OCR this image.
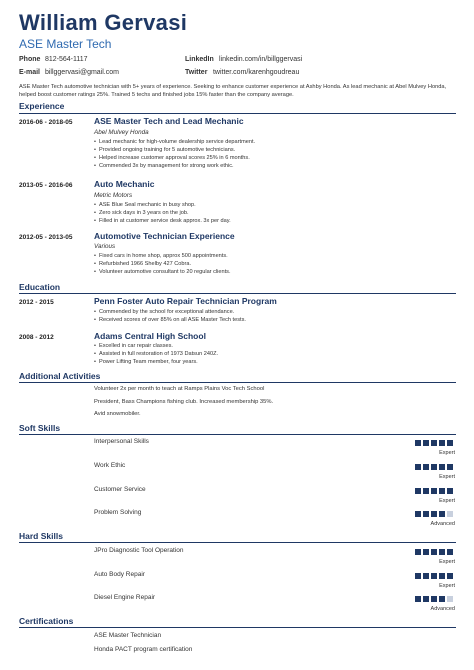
William Gervasi
ASE Master Tech
Phone 812-564-1117
E-mail billggervasi@gmail.com
LinkedIn linkedin.com/in/billggervasi
Twitter twitter.com/karenhgoudreau
ASE Master Tech automotive technician with 5+ years of experience. Seeking to enhance customer experience at Ashby Honda. As lead mechanic at Abel Mulvey Honda, helped boost customer ratings 25%. Trained 5 techs and finished jobs 15% faster than the company average.
Experience
2016-06 - 2018-05	ASE Master Tech and Lead Mechanic
Abel Mulvey Honda
• Lead mechanic for high-volume dealership service department.
• Provided ongoing training for 5 automotive technicians.
• Helped increase customer approval scores 25% in 6 months.
• Commended 3x by management for strong work ethic.
2013-05 - 2016-06	Auto Mechanic
Metric Motors
• ASE Blue Seal mechanic in busy shop.
• Zero sick days in 3 years on the job.
• Filled in at customer service desk approx. 3x per day.
2012-05 - 2013-05	Automotive Technician Experience
Various
• Fixed cars in home shop, approx 500 appointments.
• Refurbished 1966 Shelby 427 Cobra.
• Volunteer automotive consultant to 20 regular clients.
Education
2012 - 2015	Penn Foster Auto Repair Technician Program
• Commended by the school for exceptional attendance.
• Received scores of over 85% on all ASE Master Tech tests.
2008 - 2012	Adams Central High School
• Excelled in car repair classes.
• Assisted in full restoration of 1973 Datsun 240Z.
• Power Lifting Team member, four years.
Additional Activities
Volunteer 2x per month to teach at Ramps Plains Voc Tech School
President, Bass Champions fishing club. Increased membership 35%.
Avid snowmobiler.
Soft Skills
Interpersonal Skills
Expert
Work Ethic
Expert
Customer Service
Expert
Problem Solving
Advanced
Hard Skills
JPro Diagnostic Tool Operation
Expert
Auto Body Repair
Expert
Diesel Engine Repair
Advanced
Certifications
ASE Master Technician
Honda PACT program certification
